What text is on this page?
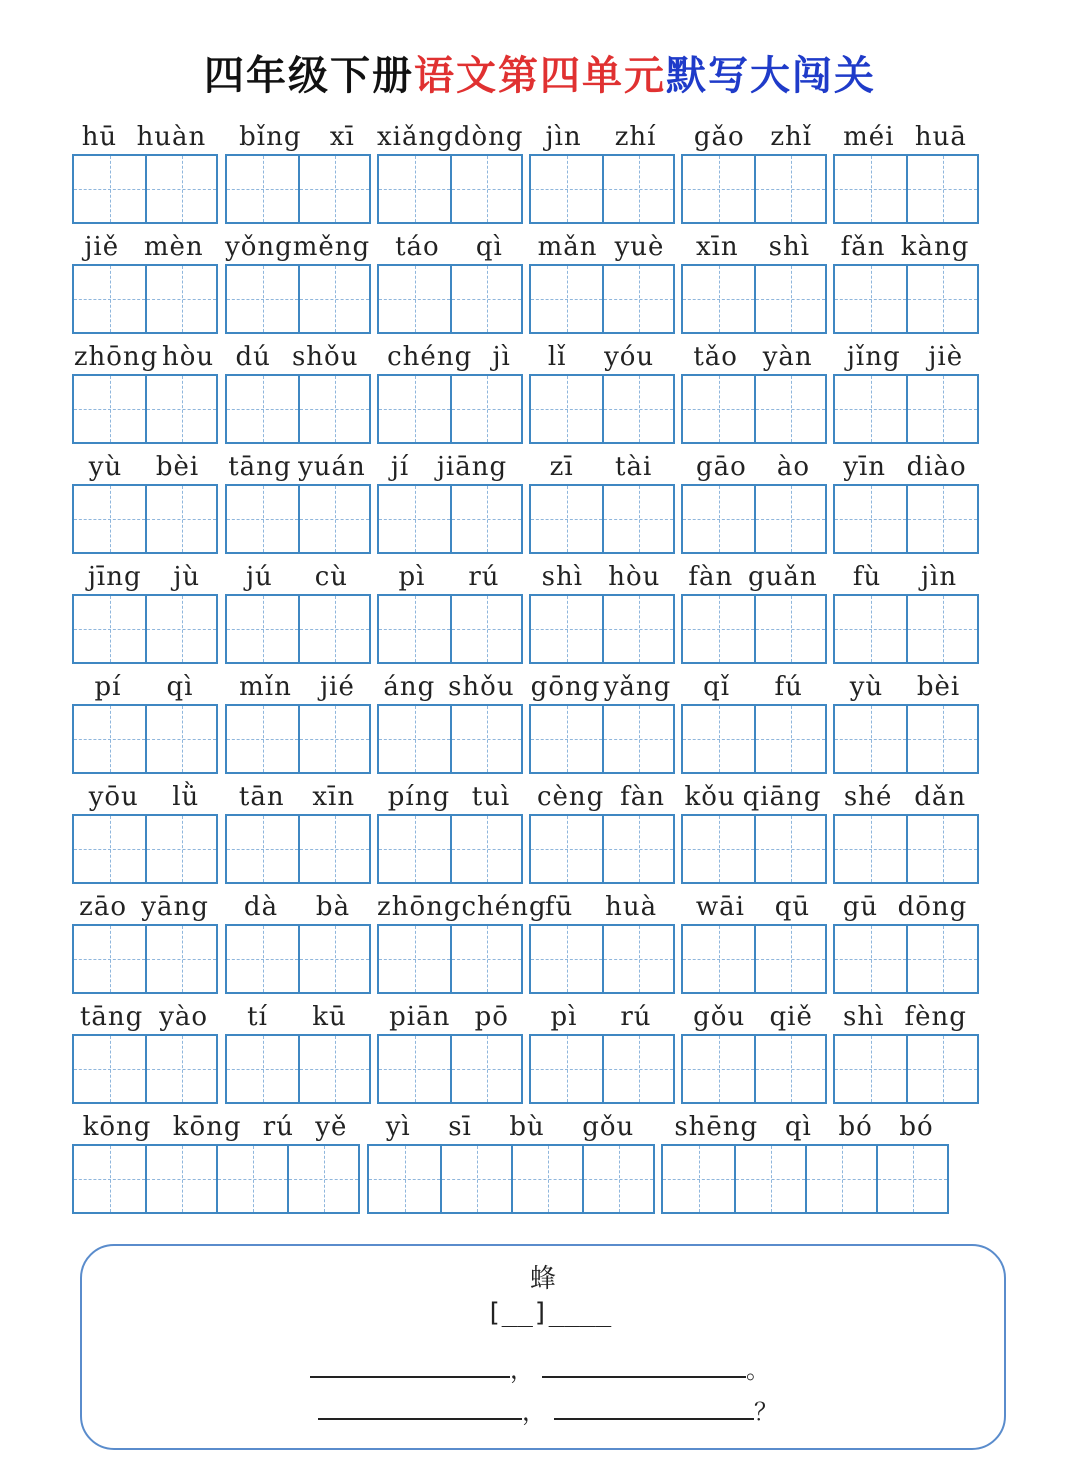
四年级下册语文第四单元默写大闯关
hū huàn bǐng xī xiǎng dòng jìn zhí gǎo zhǐ méi huā
jiě mèn yǒng měng táo qì mǎn yuè xīn shì fǎn kàng
zhōng hòu dú shǒu chéng jì lǐ yóu tǎo yàn jǐng jiè
yù bèi tāng yuán jí jiāng zī tài gāo ào yīn diào
jīng jù jú cù pì rú shì hòu fàn guǎn fù jìn
pí qì mǐn jié áng shǒu gōng yǎng qǐ fú yù bèi
yōu lǜ tān xīn píng tuì cèng fàn kǒu qiāng shé dǎn
zāo yāng dà bà zhōng chéng
fū huà wāi qū gū dōng
tāng yào tí kū piān pō pì rú gǒu qiě shì fèng
kōng kōng rú yě yì sī bù gǒu shēng qì bó bó
蜂
[__]____
，	。
，	？
